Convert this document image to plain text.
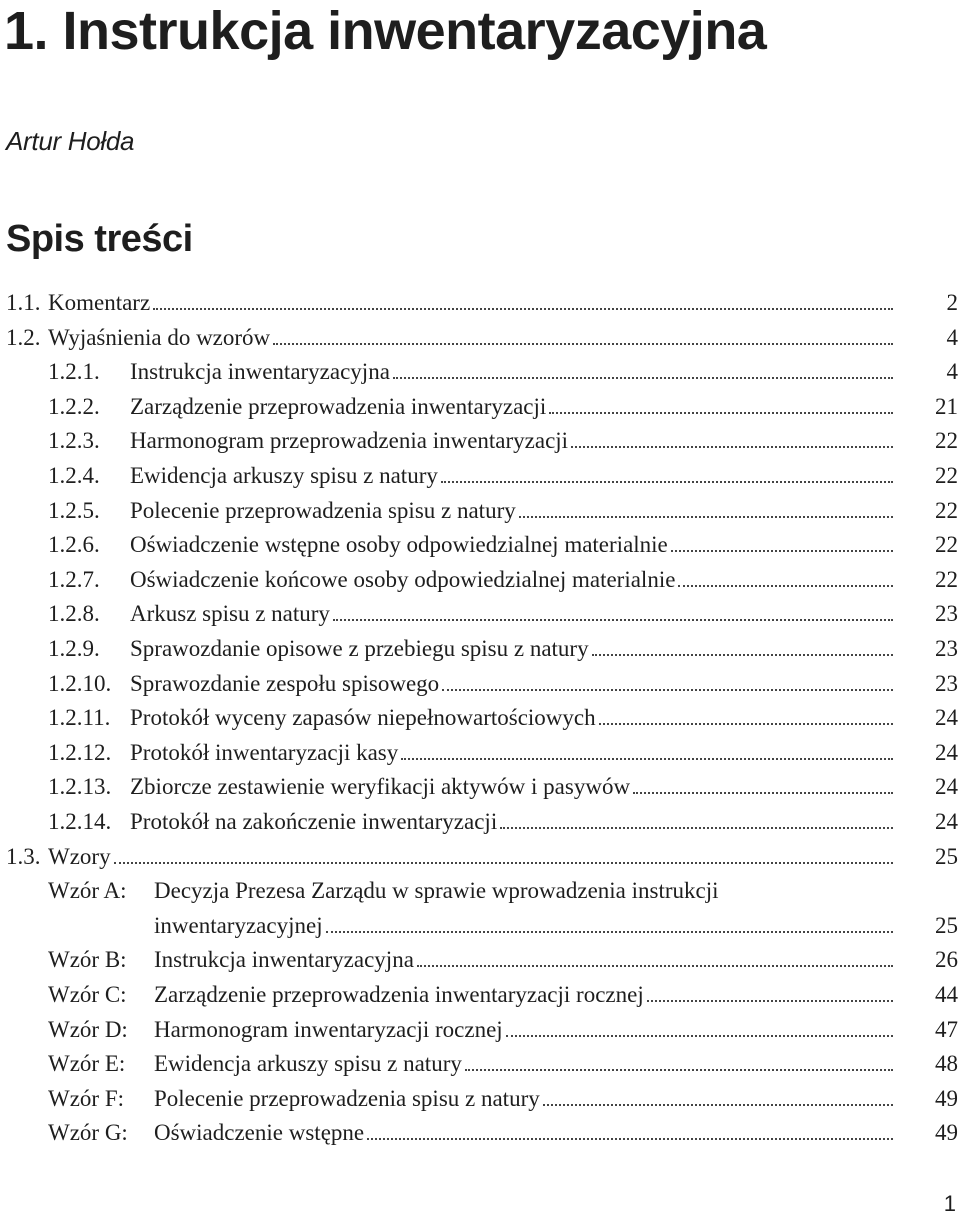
1. Instrukcja inwentaryzacyjna

Artur Hołda

Spis treści
1.1. Komentarz	2
1.2. Wyjaśnienia do wzorów	4
1.2.1. Instrukcja inwentaryzacyjna	4
1.2.2. Zarządzenie przeprowadzenia inwentaryzacji	21
1.2.3. Harmonogram przeprowadzenia inwentaryzacji	22
1.2.4. Ewidencja arkuszy spisu z natury	22
1.2.5. Polecenie przeprowadzenia spisu z natury	22
1.2.6. Oświadczenie wstępne osoby odpowiedzialnej materialnie	22
1.2.7. Oświadczenie końcowe osoby odpowiedzialnej materialnie	22
1.2.8. Arkusz spisu z natury	23
1.2.9. Sprawozdanie opisowe z przebiegu spisu z natury	23
1.2.10. Sprawozdanie zespołu spisowego	23
1.2.11. Protokół wyceny zapasów niepełnowartościowych	24
1.2.12. Protokół inwentaryzacji kasy	24
1.2.13. Zbiorcze zestawienie weryfikacji aktywów i pasywów	24
1.2.14. Protokół na zakończenie inwentaryzacji	24
1.3. Wzory	25
Wzór A: Decyzja Prezesa Zarządu w sprawie wprowadzenia instrukcji
inwentaryzacyjnej	25
Wzór B: Instrukcja inwentaryzacyjna	26
Wzór C: Zarządzenie przeprowadzenia inwentaryzacji rocznej	44
Wzór D: Harmonogram inwentaryzacji rocznej	47
Wzór E: Ewidencja arkuszy spisu z natury	48
Wzór F: Polecenie przeprowadzenia spisu z natury	49
Wzór G: Oświadczenie wstępne	49

1
